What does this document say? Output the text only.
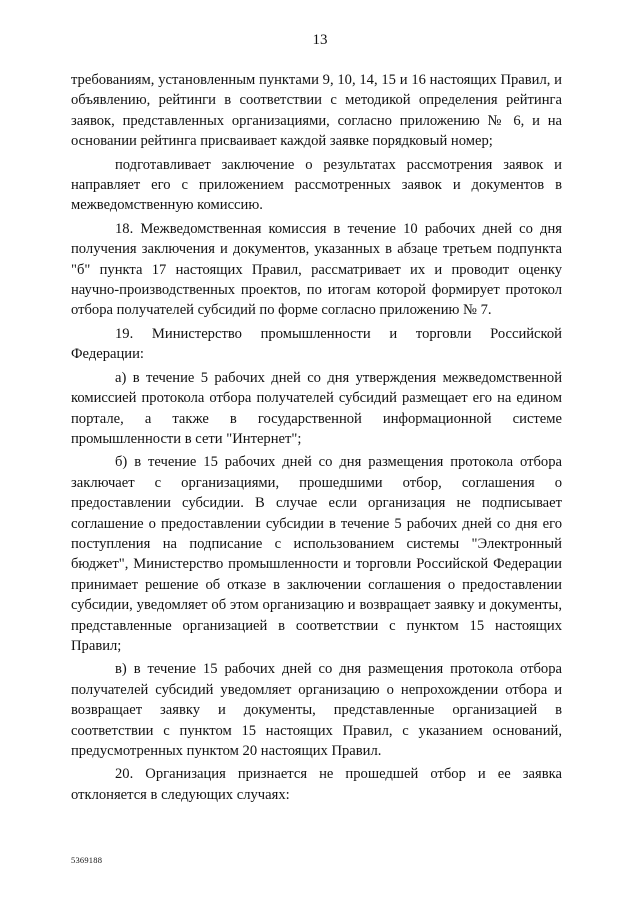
13

требованиям, установленным пунктами 9, 10, 14, 15 и 16 настоящих Правил, и объявлению, рейтинги в соответствии с методикой определения рейтинга заявок, представленных организациями, согласно приложению № 6, и на основании рейтинга присваивает каждой заявке порядковый номер;

подготавливает заключение о результатах рассмотрения заявок и направляет его с приложением рассмотренных заявок и документов в межведомственную комиссию.

18. Межведомственная комиссия в течение 10 рабочих дней со дня получения заключения и документов, указанных в абзаце третьем подпункта "б" пункта 17 настоящих Правил, рассматривает их и проводит оценку научно-производственных проектов, по итогам которой формирует протокол отбора получателей субсидий по форме согласно приложению № 7.

19. Министерство промышленности и торговли Российской Федерации:

а) в течение 5 рабочих дней со дня утверждения межведомственной комиссией протокола отбора получателей субсидий размещает его на едином портале, а также в государственной информационной системе промышленности в сети "Интернет";

б) в течение 15 рабочих дней со дня размещения протокола отбора заключает с организациями, прошедшими отбор, соглашения о предоставлении субсидии. В случае если организация не подписывает соглашение о предоставлении субсидии в течение 5 рабочих дней со дня его поступления на подписание с использованием системы "Электронный бюджет", Министерство промышленности и торговли Российской Федерации принимает решение об отказе в заключении соглашения о предоставлении субсидии, уведомляет об этом организацию и возвращает заявку и документы, представленные организацией в соответствии с пунктом 15 настоящих Правил;

в) в течение 15 рабочих дней со дня размещения протокола отбора получателей субсидий уведомляет организацию о непрохождении отбора и возвращает заявку и документы, представленные организацией в соответствии с пунктом 15 настоящих Правил, с указанием оснований, предусмотренных пунктом 20 настоящих Правил.

20. Организация признается не прошедшей отбор и ее заявка отклоняется в следующих случаях:

5369188
